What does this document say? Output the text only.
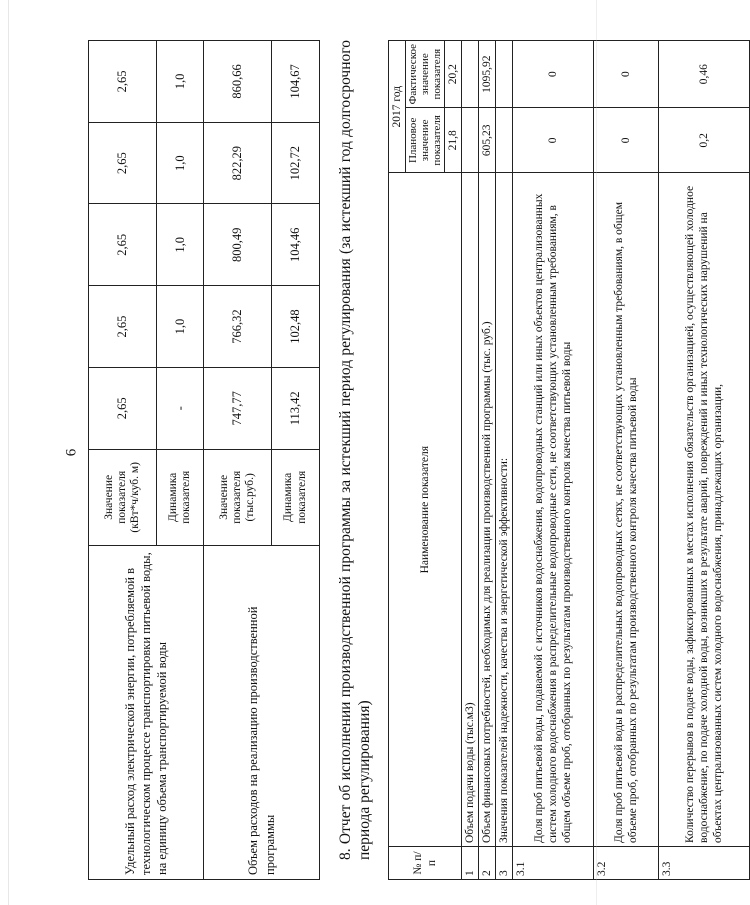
6
Удельный расход электрической энергии, потребляемой в технологическом процессе транспортировки питьевой воды, на единицу объема транспортируемой воды	Значение показателя (кВт*ч/куб. м)	2,65	2,65	2,65	2,65	2,65
	Динамика показателя	-	1,0	1,0	1,0	1,0
Объем расходов на реализацию производственной программы	Значение показателя (тыс.руб.)	747,77	766,32	800,49	822,29	860,66
	Динамика показателя	113,42	102,48	104,46	102,72	104,67 8. Отчет об исполнении производственной программы за истекший период регулирования (за истекший год долгосрочного периода регулирования)
№ п/п	Наименование показателя	2017 год	
		Плановое значение показателя	Фактическое значение показателя
		21,8	20,2
1	Объем подачи воды (тыс.м3)		
2	Объем финансовых потребностей, необходимых для реализации производственной программы (тыс. руб.)	605,23	1095,92
3	Значения показателей надежности, качества и энергетической эффективности:		
3.1	Доля проб питьевой воды, подаваемой с источников водоснабжения, водопроводных станций или иных объектов централизованных систем холодного водоснабжения в распределительные водопроводные сети, не соответствующих установленным требованиям, в общем объеме проб, отобранных по результатам производственного контроля качества питьевой воды	0	0
3.2	Доля проб питьевой воды в распределительных водопроводных сетях, не соответствующих установленным требованиям, в общем объеме проб, отобранных по результатам производственного контроля качества питьевой воды	0	0
3.3	Количество перерывов в подаче воды, зафиксированных в местах исполнения обязательств организацией, осуществляющей холодное водоснабжение, по подаче холодной воды, возникших в результате аварий, повреждений и иных технологических нарушений на объектах централизованных систем холодного водоснабжения, принадлежащих организации,	0,2	0,46
